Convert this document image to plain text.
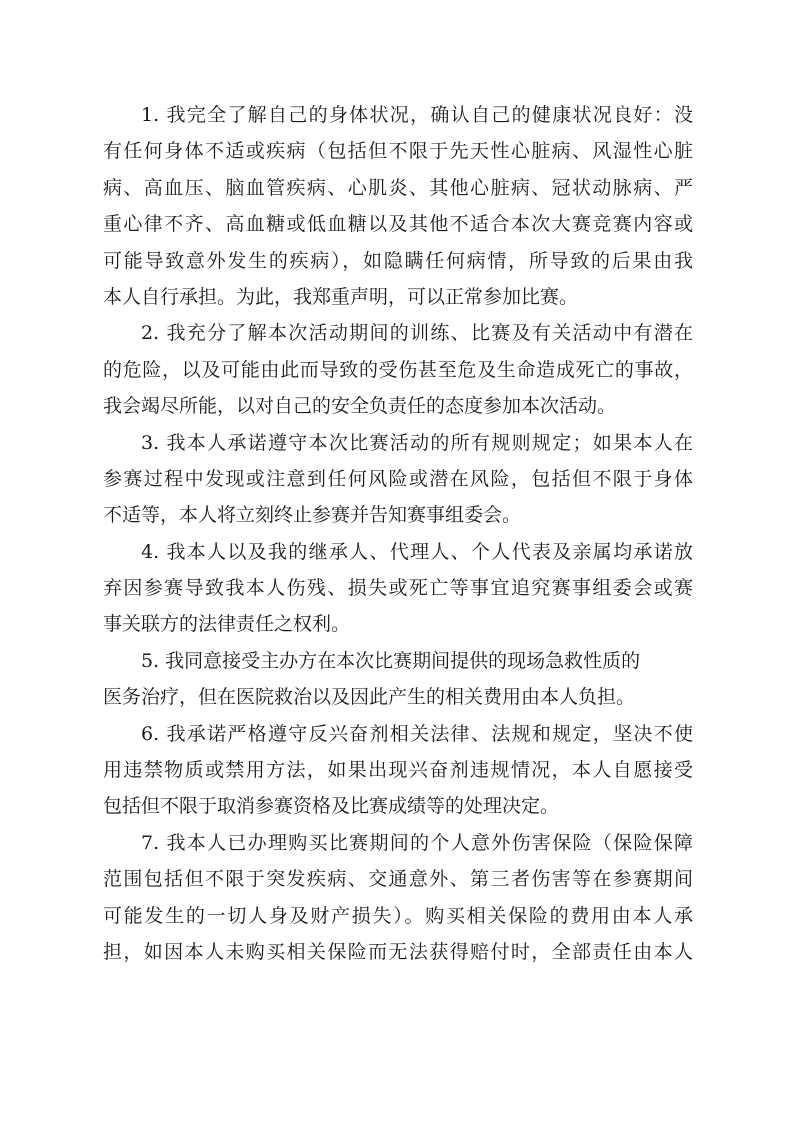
1. 我完全了解自己的身体状况，确认自己的健康状况良好：没
有任何身体不适或疾病（包括但不限于先天性心脏病、风湿性心脏
病、高血压、脑血管疾病、心肌炎、其他心脏病、冠状动脉病、严
重心律不齐、高血糖或低血糖以及其他不适合本次大赛竞赛内容或
可能导致意外发生的疾病），如隐瞒任何病情，所导致的后果由我
本人自行承担。为此，我郑重声明，可以正常参加比赛。
2. 我充分了解本次活动期间的训练、比赛及有关活动中有潜在
的危险，以及可能由此而导致的受伤甚至危及生命造成死亡的事故，
我会竭尽所能，以对自己的安全负责任的态度参加本次活动。
3. 我本人承诺遵守本次比赛活动的所有规则规定；如果本人在
参赛过程中发现或注意到任何风险或潜在风险，包括但不限于身体
不适等，本人将立刻终止参赛并告知赛事组委会。
4. 我本人以及我的继承人、代理人、个人代表及亲属均承诺放
弃因参赛导致我本人伤残、损失或死亡等事宜追究赛事组委会或赛
事关联方的法律责任之权利。
5. 我同意接受主办方在本次比赛期间提供的现场急救性质的
医务治疗，但在医院救治以及因此产生的相关费用由本人负担。
6. 我承诺严格遵守反兴奋剂相关法律、法规和规定，坚决不使
用违禁物质或禁用方法，如果出现兴奋剂违规情况，本人自愿接受
包括但不限于取消参赛资格及比赛成绩等的处理决定。
7. 我本人已办理购买比赛期间的个人意外伤害保险（保险保障
范围包括但不限于突发疾病、交通意外、第三者伤害等在参赛期间
可能发生的一切人身及财产损失）。购买相关保险的费用由本人承
担，如因本人未购买相关保险而无法获得赔付时，全部责任由本人
